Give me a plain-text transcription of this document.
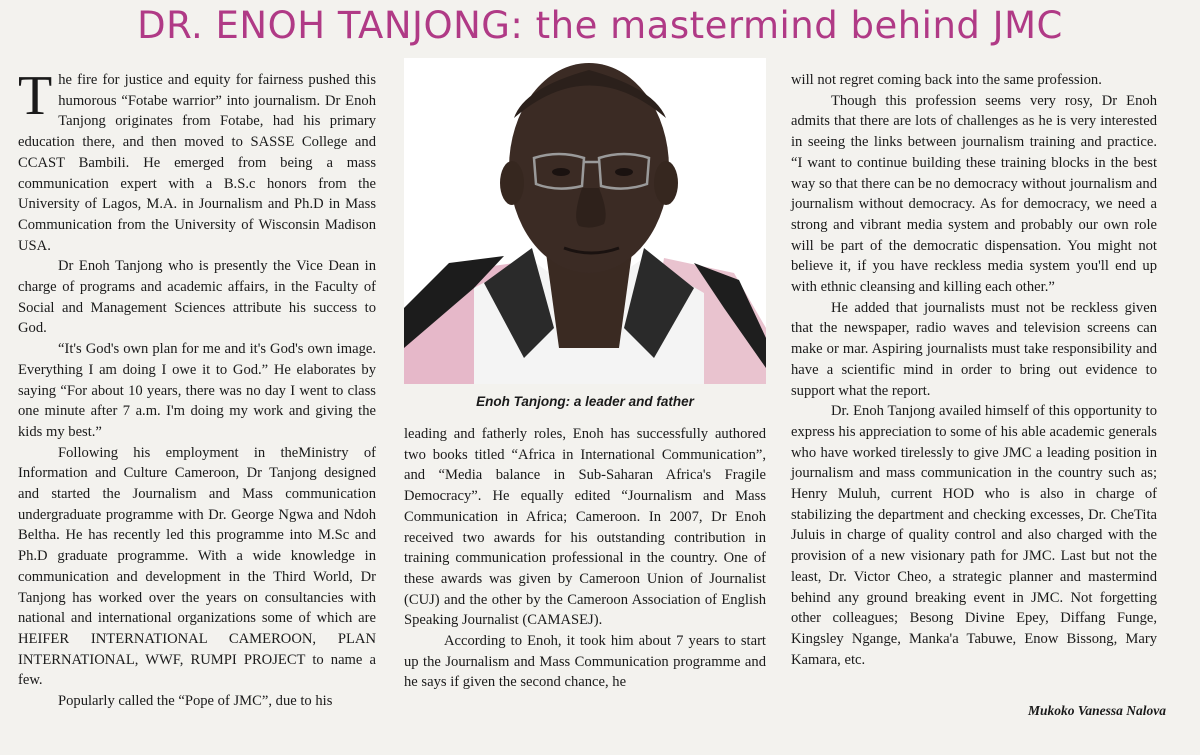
DR. ENOH TANJONG: the mastermind behind JMC

The fire for justice and equity for fairness pushed this humorous “Fotabe warrior” into journalism. Dr Enoh Tanjong originates from Fotabe, had his primary education there, and then moved to SASSE College and CCAST Bambili. He emerged from being a mass communication expert with a B.S.c honors from the University of Lagos, M.A. in Journalism and Ph.D in Mass Communication from the University of Wisconsin Madison USA.

Dr Enoh Tanjong who is presently the Vice Dean in charge of programs and academic affairs, in the Faculty of Social and Management Sciences attribute his success to God.

“It's God's own plan for me and it's God's own image. Everything I am doing I owe it to God.” He elaborates by saying “For about 10 years, there was no day I went to class one minute after 7 a.m. I'm doing my work and giving the kids my best.”

Following his employment in theMinistry of Information and Culture Cameroon, Dr Tanjong designed and started the Journalism and Mass communication undergraduate programme with Dr. George Ngwa and Ndoh Beltha. He has recently led this programme into M.Sc and Ph.D graduate programme. With a wide knowledge in communication and development in the Third World, Dr Tanjong has worked over the years on consultancies with national and international organizations some of which are HEIFER INTERNATIONAL CAMEROON, PLAN INTERNATIONAL, WWF, RUMPI PROJECT to name a few.

Popularly called the “Pope of JMC”, due to his

Enoh Tanjong: a leader and father

leading and fatherly roles, Enoh has successfully authored two books titled “Africa in International Communication”, and “Media balance in Sub-Saharan Africa's Fragile Democracy”. He equally edited “Journalism and Mass Communication in Africa; Cameroon. In 2007, Dr Enoh received two awards for his outstanding contribution in training communication professional in the country. One of these awards was given by Cameroon Union of Journalist (CUJ) and the other by the Cameroon Association of English Speaking Journalist (CAMASEJ).

According to Enoh, it took him about 7 years to start up the Journalism and Mass Communication programme and he says if given the second chance, he

will not regret coming back into the same profession.

Though this profession seems very rosy, Dr Enoh admits that there are lots of challenges as he is very interested in seeing the links between journalism training and practice. “I want to continue building these training blocks in the best way so that there can be no democracy without journalism and journalism without democracy. As for democracy, we need a strong and vibrant media system and probably our own role will be part of the democratic dispensation. You might not believe it, if you have reckless media system you'll end up with ethnic cleansing and killing each other.”

He added that journalists must not be reckless given that the newspaper, radio waves and television screens can make or mar. Aspiring journalists must take responsibility and have a scientific mind in order to bring out evidence to support what the report.

Dr. Enoh Tanjong availed himself of this opportunity to express his appreciation to some of his able academic generals who have worked tirelessly to give JMC a leading position in journalism and mass communication in the country such as; Henry Muluh, current HOD who is also in charge of stabilizing the department and checking excesses, Dr. CheTita Juluis in charge of quality control and also charged with the provision of a new visionary path for JMC. Last but not the least, Dr. Victor Cheo, a strategic planner and mastermind behind any ground breaking event in JMC. Not forgetting other colleagues; Besong Divine Epey, Diffang Funge, Kingsley Ngange, Manka'a Tabuwe, Enow Bissong, Mary Kamara, etc.

Mukoko Vanessa Nalova
